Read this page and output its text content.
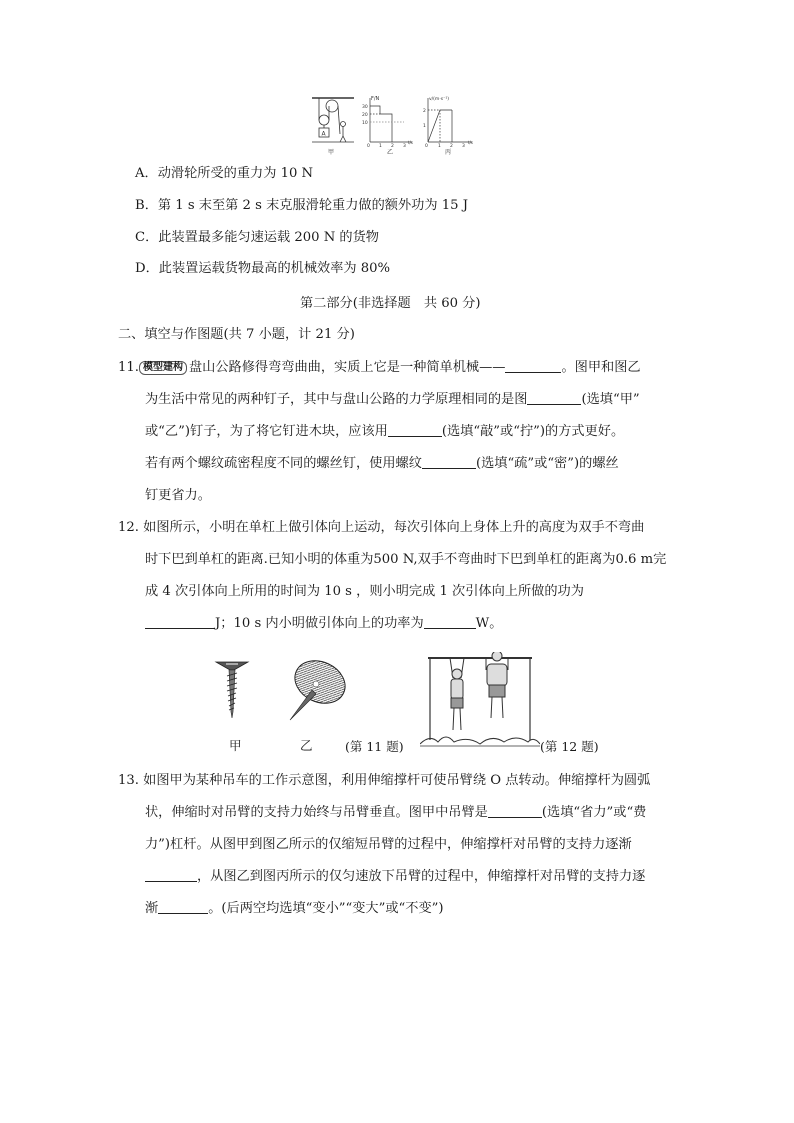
A
甲
F/N
30
20
10
0 1 2 3
t/s
乙
v/(m·s⁻¹)
2
1
0 1 2 3
t/s
丙
A．动滑轮所受的重力为 10 N
B．第 1 s 末至第 2 s 末克服滑轮重力做的额外功为 15 J
C．此装置最多能匀速运载 200 N 的货物
D．此装置运载货物最高的机械效率为 80%
第二部分(非选择题　共 60 分)
二、填空与作图题(共 7 小题，计 21 分)
11. 模型建构 盘山公路修得弯弯曲曲，实质上它是一种简单机械——	。图甲和图乙
为生活中常见的两种钉子，其中与盘山公路的力学原理相同的是图	(选填“甲”
或“乙”)钉子，为了将它钉进木块，应该用	(选填“敲”或“拧”)的方式更好。
若有两个螺纹疏密程度不同的螺丝钉，使用螺纹	(选填“疏”或“密”)的螺丝
钉更省力。
12. 如图所示，小明在单杠上做引体向上运动，每次引体向上身体上升的高度为双手不弯曲
时下巴到单杠的距离.已知小明的体重为500 N,双手不弯曲时下巴到单杠的距离为0.6 m完
成 4 次引体向上所用的时间为 10 s ，则小明完成 1 次引体向上所做的功为
J；10 s 内小明做引体向上的功率为	W。
甲	乙	(第 11 题)	(第 12 题)
13. 如图甲为某种吊车的工作示意图，利用伸缩撑杆可使吊臂绕 O 点转动。伸缩撑杆为圆弧
状，伸缩时对吊臂的支持力始终与吊臂垂直。图甲中吊臂是	(选填“省力”或“费
力”)杠杆。从图甲到图乙所示的仅缩短吊臂的过程中，伸缩撑杆对吊臂的支持力逐渐
，从图乙到图丙所示的仅匀速放下吊臂的过程中，伸缩撑杆对吊臂的支持力逐
渐	。(后两空均选填“变小”“变大”或“不变”)
